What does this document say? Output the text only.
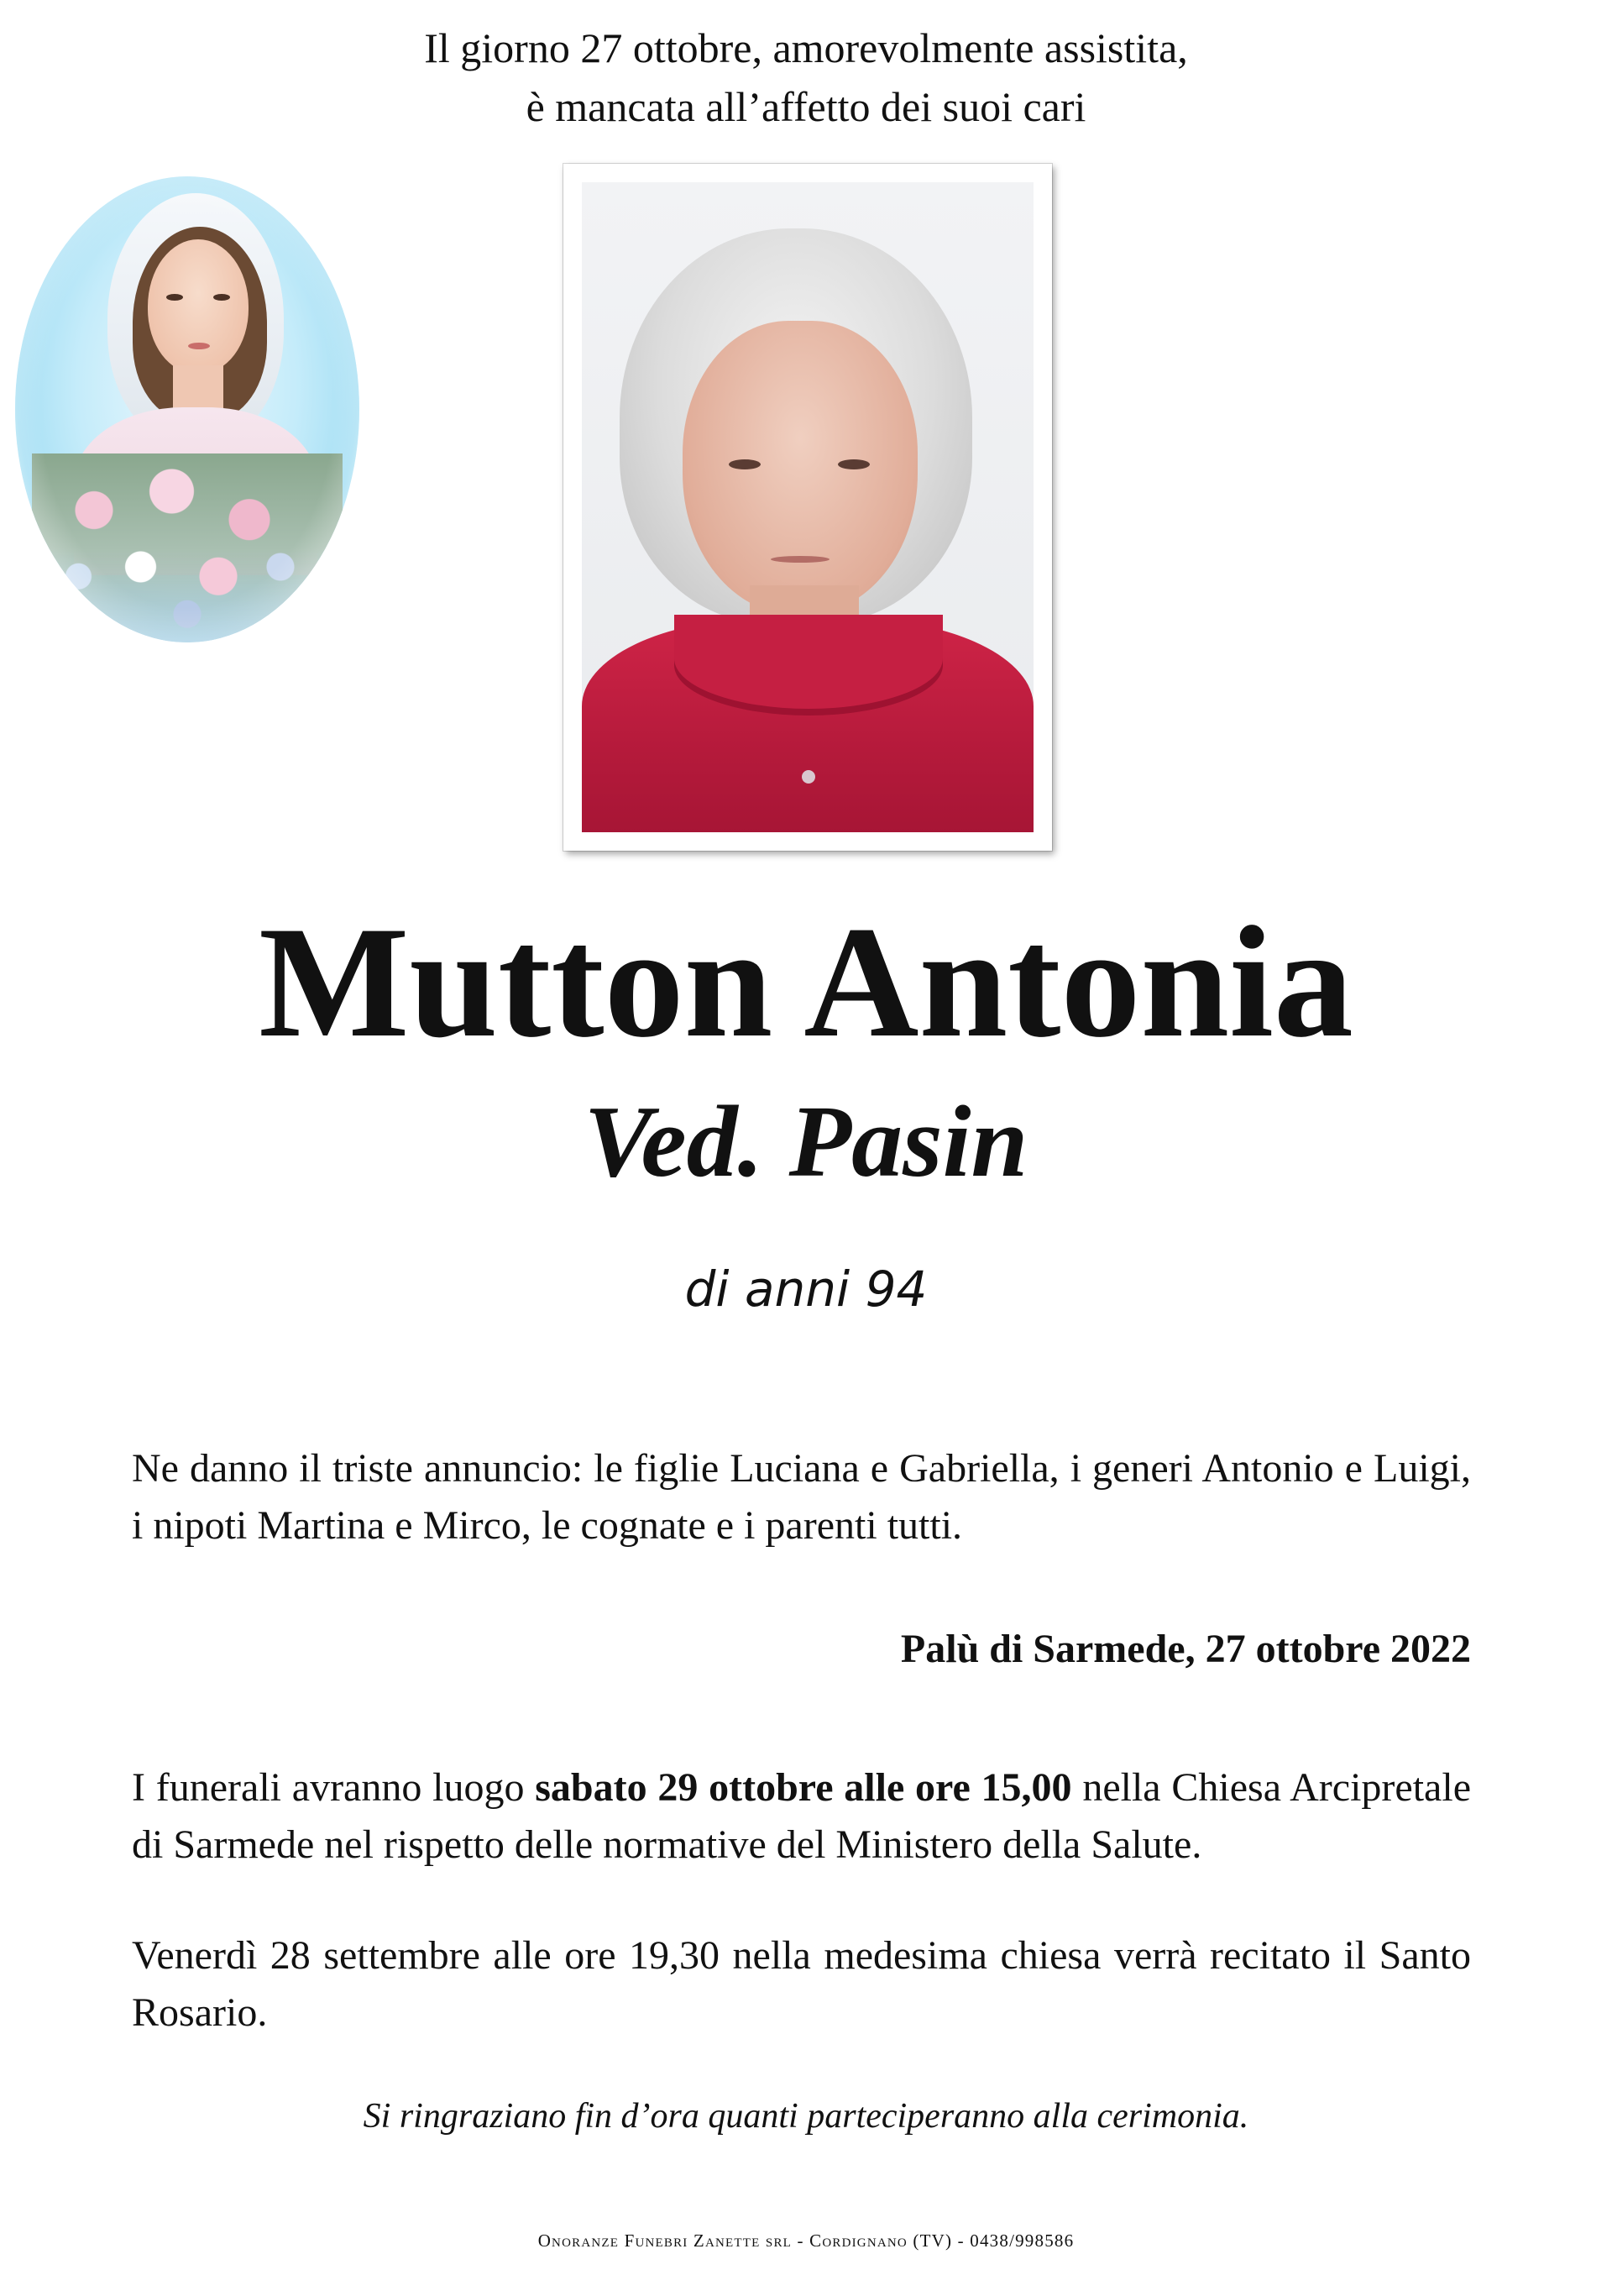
Il giorno 27 ottobre, amorevolmente assistita,
è mancata all’affetto dei suoi cari
Mutton Antonia
Ved. Pasin
di anni 94
Ne danno il triste annuncio: le figlie Luciana e Gabriella, i generi Antonio e Luigi, i nipoti Martina e Mirco, le cognate e i parenti tutti.
Palù di Sarmede, 27 ottobre 2022
I funerali avranno luogo sabato 29 ottobre alle ore 15,00 nella Chiesa Arcipretale di Sarmede nel rispetto delle normative del Ministero della Salute.
Venerdì 28 settembre alle ore 19,30 nella medesima chiesa verrà recitato il Santo Rosario.
Si ringraziano fin d’ora quanti parteciperanno alla cerimonia.
Onoranze Funebri Zanette srl - Cordignano (TV) - 0438/998586
